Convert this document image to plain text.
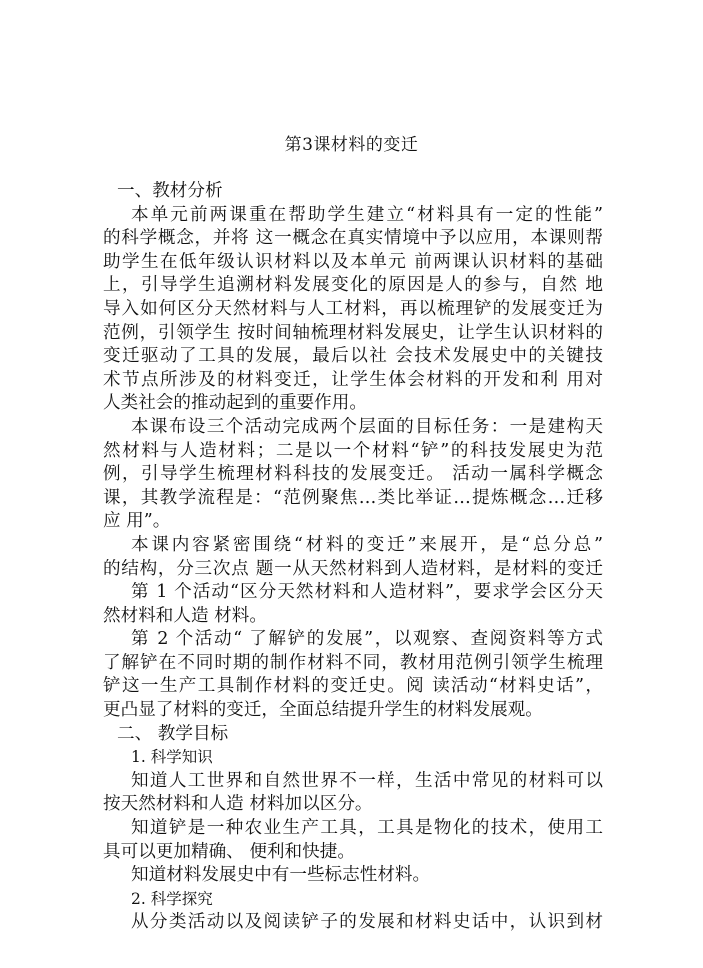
第3课材料的变迁
一、教材分析
本单元前两课重在帮助学生建立“材料具有一定的性能”
的科学概念，并将 这一概念在真实情境中予以应用，本课则帮
助学生在低年级认识材料以及本单元 前两课认识材料的基础
上，引导学生追溯材料发展变化的原因是人的参与，自然 地
导入如何区分天然材料与人工材料，再以梳理铲的发展变迁为
范例，引领学生 按时间轴梳理材料发展史，让学生认识材料的
变迁驱动了工具的发展，最后以社 会技术发展史中的关键技
术节点所涉及的材料变迁，让学生体会材料的开发和利 用对
人类社会的推动起到的重要作用。
本课布设三个活动完成两个层面的目标任务：一是建构天
然材料与人造材料；二是以一个材料“铲”的科技发展史为范
例，引导学生梳理材料科技的发展变迁。 活动一属科学概念
课，其教学流程是：“范例聚焦…类比举证…提炼概念…迁移
应 用”。
本课内容紧密围绕“材料的变迁”来展开，是“总分总”
的结构，分三次点 题一从天然材料到人造材料，是材料的变迁
第 1 个活动“区分天然材料和人造材料”，要求学会区分天
然材料和人造 材料。
第 2 个活动“ 了解铲的发展”，以观察、查阅资料等方式
了解铲在不同时期的制作材料不同，教材用范例引领学生梳理
铲这一生产工具制作材料的变迁史。阅 读活动“材料史话”，
更凸显了材料的变迁，全面总结提升学生的材料发展观。
二、 教学目标
1. 科学知识
知道人工世界和自然世界不一样，生活中常见的材料可以
按天然材料和人造 材料加以区分。
知道铲是一种农业生产工具，工具是物化的技术，使用工
具可以更加精确、 便利和快捷。
知道材料发展史中有一些标志性材料。
2. 科学探究
从分类活动以及阅读铲子的发展和材料史话中，认识到材
